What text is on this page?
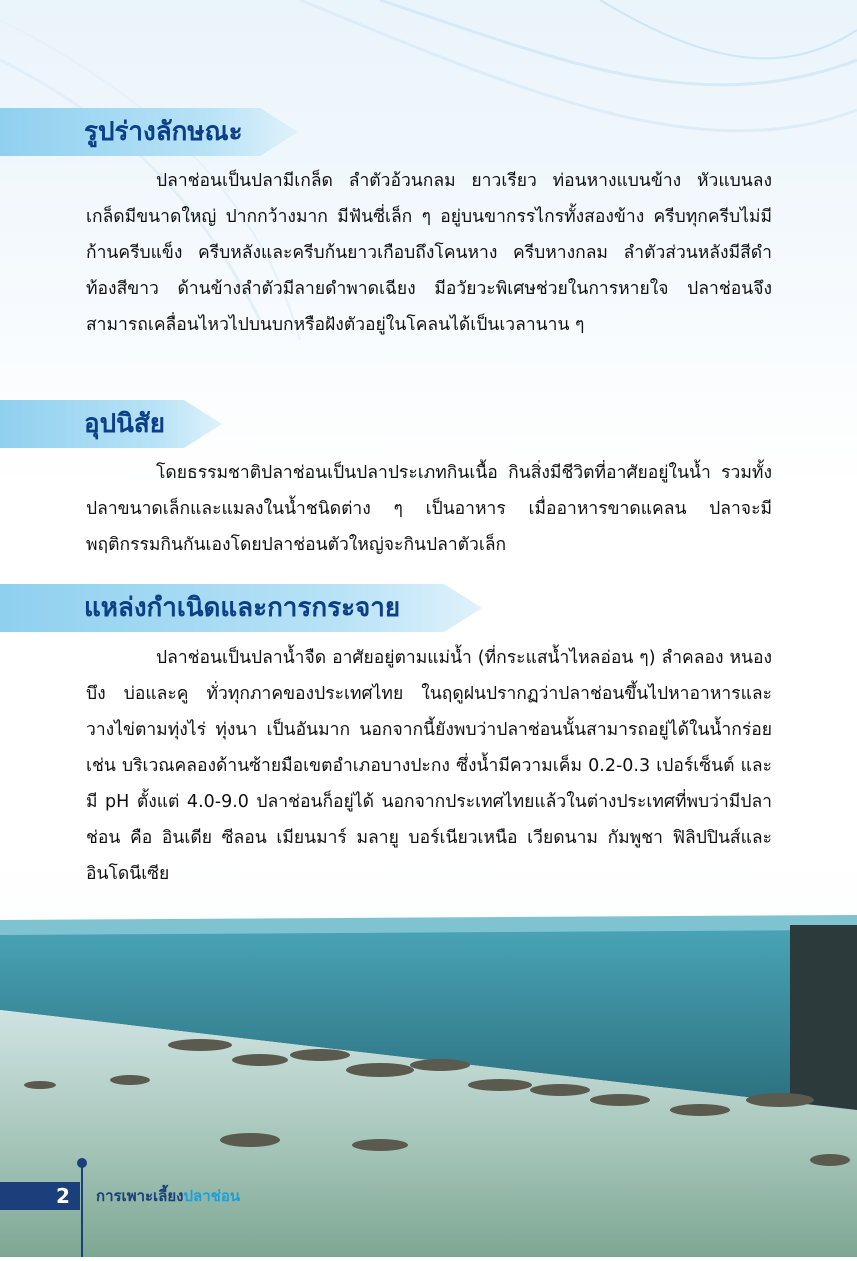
รูปร่างลักษณะ

ปลาช่อนเป็นปลามีเกล็ด ลำตัวอ้วนกลม ยาวเรียว ท่อนหางแบนข้าง หัวแบนลง เกล็ดมีขนาดใหญ่ ปากกว้างมาก มีฟันซี่เล็ก ๆ อยู่บนขากรรไกรทั้งสองข้าง ครีบทุกครีบไม่มีก้านครีบแข็ง ครีบหลังและครีบก้นยาวเกือบถึงโคนหาง ครีบหางกลม ลำตัวส่วนหลังมีสีดำ ท้องสีขาว ด้านข้างลำตัวมีลายดำพาดเฉียง มีอวัยวะพิเศษช่วยในการหายใจ ปลาช่อนจึงสามารถเคลื่อนไหวไปบนบกหรือฝังตัวอยู่ในโคลนได้เป็นเวลานาน ๆ

อุปนิสัย

โดยธรรมชาติปลาช่อนเป็นปลาประเภทกินเนื้อ กินสิ่งมีชีวิตที่อาศัยอยู่ในน้ำ รวมทั้งปลาขนาดเล็กและแมลงในน้ำชนิดต่าง ๆ เป็นอาหาร เมื่ออาหารขาดแคลน ปลาจะมีพฤติกรรมกินกันเองโดยปลาช่อนตัวใหญ่จะกินปลาตัวเล็ก

แหล่งกำเนิดและการกระจาย

ปลาช่อนเป็นปลาน้ำจืด อาศัยอยู่ตามแม่น้ำ (ที่กระแสน้ำไหลอ่อน ๆ) ลำคลอง หนองบึง บ่อและคู ทั่วทุกภาคของประเทศไทย ในฤดูฝนปรากฏว่าปลาช่อนขึ้นไปหาอาหารและวางไข่ตามทุ่งไร่ ทุ่งนา เป็นอันมาก นอกจากนี้ยังพบว่าปลาช่อนนั้นสามารถอยู่ได้ในน้ำกร่อย เช่น บริเวณคลองด้านซ้ายมือเขตอำเภอบางปะกง ซึ่งน้ำมีความเค็ม 0.2-0.3 เปอร์เซ็นต์ และมี pH ตั้งแต่ 4.0-9.0 ปลาช่อนก็อยู่ได้ นอกจากประเทศไทยแล้วในต่างประเทศที่พบว่ามีปลาช่อน คือ อินเดีย ซีลอน เมียนมาร์ มลายู บอร์เนียวเหนือ เวียดนาม กัมพูชา ฟิลิปปินส์และอินโดนีเซีย

2	การเพาะเลี้ยงปลาช่อน
